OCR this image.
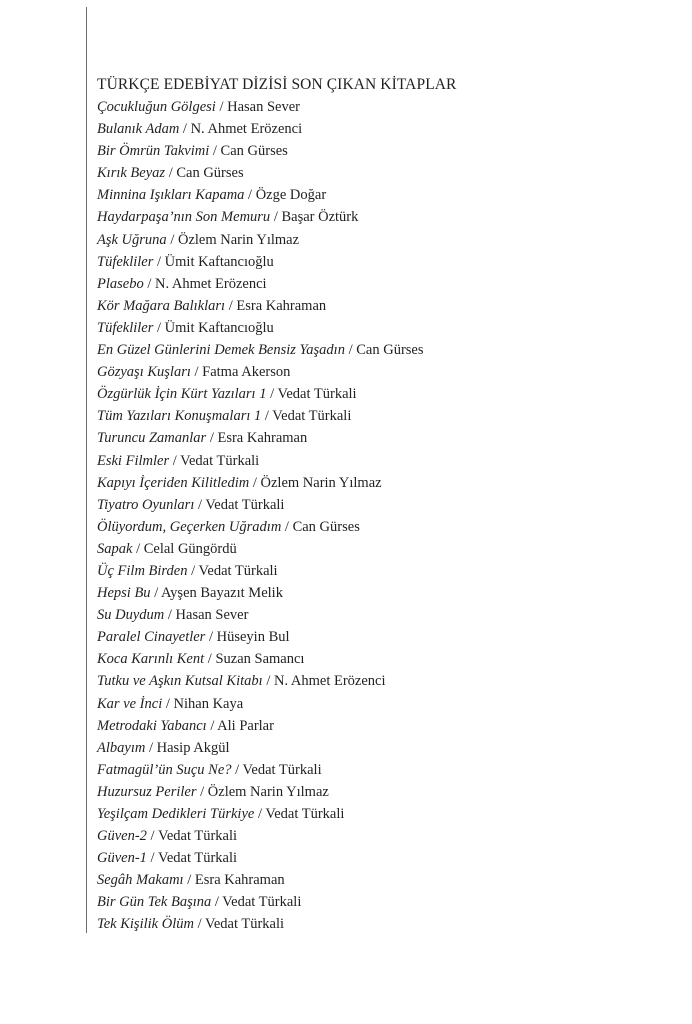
TÜRKÇE EDEBİYAT DİZİSİ SON ÇIKAN KİTAPLAR
Çocukluğun Gölgesi / Hasan Sever
Bulanık Adam / N. Ahmet Erözenci
Bir Ömrün Takvimi / Can Gürses
Kırık Beyaz / Can Gürses
Minnina Işıkları Kapama / Özge Doğar
Haydarpaşa’nın Son Memuru / Başar Öztürk
Aşk Uğruna / Özlem Narin Yılmaz
Tüfekliler / Ümit Kaftancıoğlu
Plasebo / N. Ahmet Erözenci
Kör Mağara Balıkları / Esra Kahraman
Tüfekliler / Ümit Kaftancıoğlu
En Güzel Günlerini Demek Bensiz Yaşadın / Can Gürses
Gözyaşı Kuşları / Fatma Akerson
Özgürlük İçin Kürt Yazıları 1 / Vedat Türkali
Tüm Yazıları Konuşmaları 1 / Vedat Türkali
Turuncu Zamanlar / Esra Kahraman
Eski Filmler / Vedat Türkali
Kapıyı İçeriden Kilitledim / Özlem Narin Yılmaz
Tiyatro Oyunları / Vedat Türkali
Ölüyordum, Geçerken Uğradım / Can Gürses
Sapak / Celal Güngördü
Üç Film Birden / Vedat Türkali
Hepsi Bu / Ayşen Bayazıt Melik
Su Duydum / Hasan Sever
Paralel Cinayetler / Hüseyin Bul
Koca Karınlı Kent / Suzan Samancı
Tutku ve Aşkın Kutsal Kitabı / N. Ahmet Erözenci
Kar ve İnci / Nihan Kaya
Metrodaki Yabancı / Ali Parlar
Albayım / Hasip Akgül
Fatmagül’ün Suçu Ne? / Vedat Türkali
Huzursuz Periler / Özlem Narin Yılmaz
Yeşilçam Dedikleri Türkiye / Vedat Türkali
Güven-2 / Vedat Türkali
Güven-1 / Vedat Türkali
Segâh Makamı / Esra Kahraman
Bir Gün Tek Başına / Vedat Türkali
Tek Kişilik Ölüm / Vedat Türkali
